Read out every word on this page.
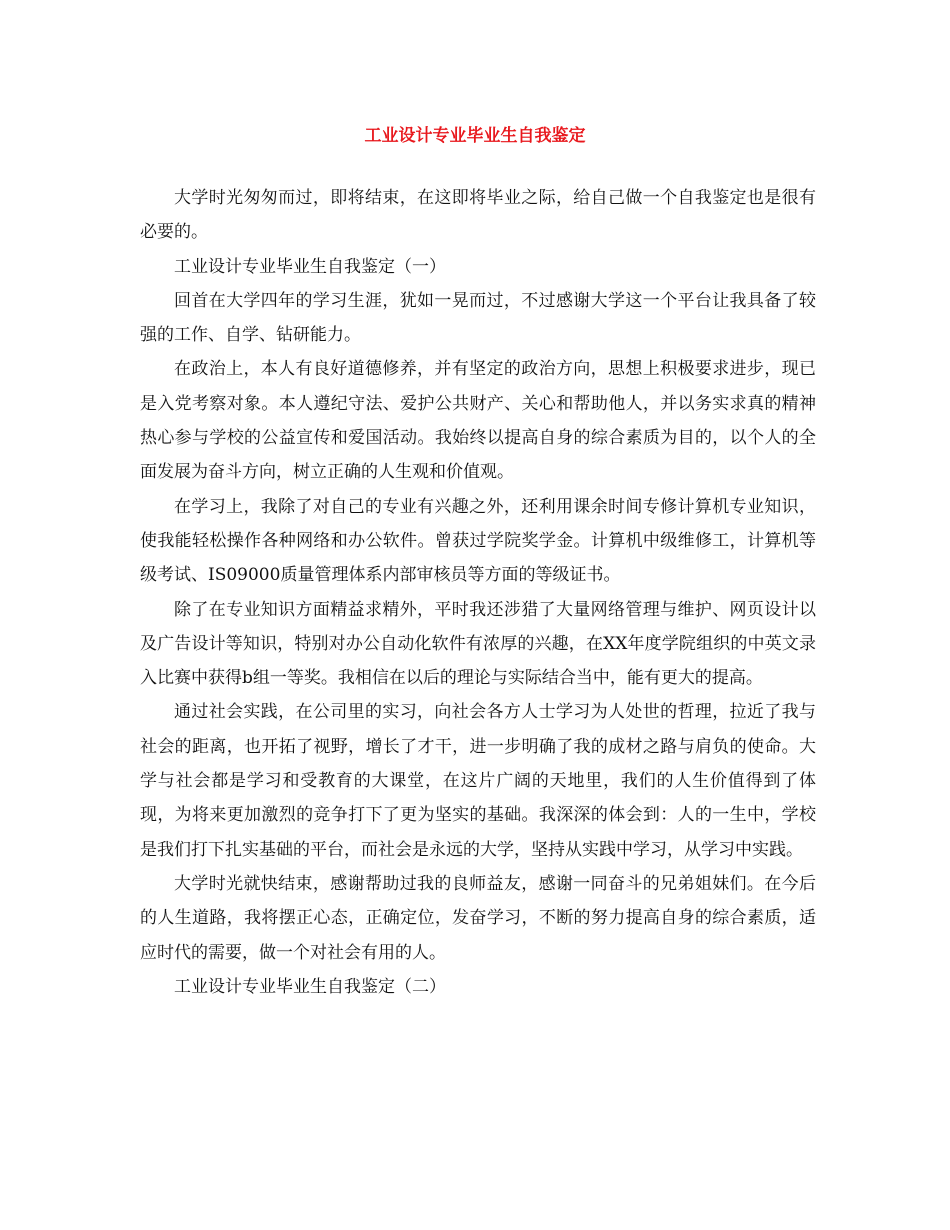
工业设计专业毕业生自我鉴定

大学时光匆匆而过，即将结束，在这即将毕业之际，给自己做一个自我鉴定也是很有必要的。

工业设计专业毕业生自我鉴定（一）

回首在大学四年的学习生涯，犹如一晃而过，不过感谢大学这一个平台让我具备了较强的工作、自学、钻研能力。

在政治上，本人有良好道德修养，并有坚定的政治方向，思想上积极要求进步，现已是入党考察对象。本人遵纪守法、爱护公共财产、关心和帮助他人，并以务实求真的精神热心参与学校的公益宣传和爱国活动。我始终以提高自身的综合素质为目的，以个人的全面发展为奋斗方向，树立正确的人生观和价值观。

在学习上，我除了对自己的专业有兴趣之外，还利用课余时间专修计算机专业知识，使我能轻松操作各种网络和办公软件。曾获过学院奖学金。计算机中级维修工，计算机等级考试、IS09000质量管理体系内部审核员等方面的等级证书。

除了在专业知识方面精益求精外，平时我还涉猎了大量网络管理与维护、网页设计以及广告设计等知识，特别对办公自动化软件有浓厚的兴趣，在XX年度学院组织的中英文录入比赛中获得b组一等奖。我相信在以后的理论与实际结合当中，能有更大的提高。

通过社会实践，在公司里的实习，向社会各方人士学习为人处世的哲理，拉近了我与社会的距离，也开拓了视野，增长了才干，进一步明确了我的成材之路与肩负的使命。大学与社会都是学习和受教育的大课堂，在这片广阔的天地里，我们的人生价值得到了体现，为将来更加激烈的竞争打下了更为坚实的基础。我深深的体会到：人的一生中，学校是我们打下扎实基础的平台，而社会是永远的大学，坚持从实践中学习，从学习中实践。

大学时光就快结束，感谢帮助过我的良师益友，感谢一同奋斗的兄弟姐妹们。在今后的人生道路，我将摆正心态，正确定位，发奋学习，不断的努力提高自身的综合素质，适应时代的需要，做一个对社会有用的人。

工业设计专业毕业生自我鉴定（二）
